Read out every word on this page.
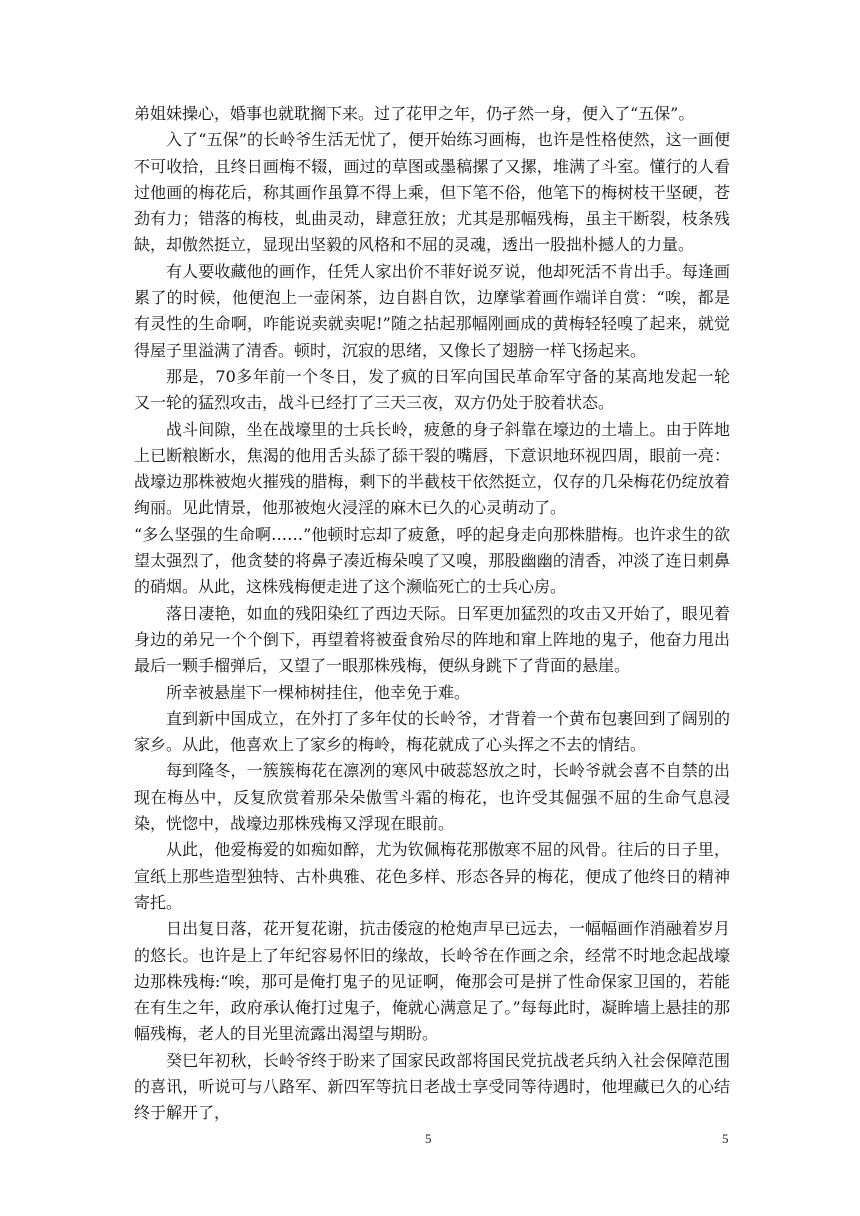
弟姐妹操心，婚事也就耽搁下来。过了花甲之年，仍孑然一身，便入了“五保”。

入了“五保”的长岭爷生活无忧了，便开始练习画梅，也许是性格使然，这一画便不可收拾，且终日画梅不辍，画过的草图或墨稿摞了又摞，堆满了斗室。懂行的人看过他画的梅花后，称其画作虽算不得上乘，但下笔不俗，他笔下的梅树枝干坚硬，苍劲有力；错落的梅枝，虬曲灵动，肆意狂放；尤其是那幅残梅，虽主干断裂，枝条残缺，却傲然挺立，显现出坚毅的风格和不屈的灵魂，透出一股拙朴撼人的力量。

有人要收藏他的画作，任凭人家出价不菲好说歹说，他却死活不肯出手。每逢画累了的时候，他便泡上一壶闲茶，边自斟自饮，边摩挲着画作端详自赏：“唉，都是有灵性的生命啊，咋能说卖就卖呢!”随之拈起那幅刚画成的黄梅轻轻嗅了起来，就觉得屋子里溢满了清香。顿时，沉寂的思绪，又像长了翅膀一样飞扬起来。

那是，70多年前一个冬日，发了疯的日军向国民革命军守备的某高地发起一轮又一轮的猛烈攻击，战斗已经打了三天三夜，双方仍处于胶着状态。

战斗间隙，坐在战壕里的士兵长岭，疲惫的身子斜靠在壕边的土墙上。由于阵地上已断粮断水，焦渴的他用舌头舔了舔干裂的嘴唇，下意识地环视四周，眼前一亮：战壕边那株被炮火摧残的腊梅，剩下的半截枝干依然挺立，仅存的几朵梅花仍绽放着绚丽。见此情景，他那被炮火浸淫的麻木已久的心灵萌动了。

“多么坚强的生命啊……”他顿时忘却了疲惫，呼的起身走向那株腊梅。也许求生的欲望太强烈了，他贪婪的将鼻子凑近梅朵嗅了又嗅，那股幽幽的清香，冲淡了连日刺鼻的硝烟。从此，这株残梅便走进了这个濒临死亡的士兵心房。

落日凄艳，如血的残阳染红了西边天际。日军更加猛烈的攻击又开始了，眼见着身边的弟兄一个个倒下，再望着将被蚕食殆尽的阵地和窜上阵地的鬼子，他奋力甩出最后一颗手榴弹后，又望了一眼那株残梅，便纵身跳下了背面的悬崖。

所幸被悬崖下一棵柿树挂住，他幸免于难。

直到新中国成立，在外打了多年仗的长岭爷，才背着一个黄布包裹回到了阔别的家乡。从此，他喜欢上了家乡的梅岭，梅花就成了心头挥之不去的情结。

每到隆冬，一簇簇梅花在凛冽的寒风中破蕊怒放之时，长岭爷就会喜不自禁的出现在梅丛中，反复欣赏着那朵朵傲雪斗霜的梅花，也许受其倔强不屈的生命气息浸染，恍惚中，战壕边那株残梅又浮现在眼前。

从此，他爱梅爱的如痴如醉，尤为钦佩梅花那傲寒不屈的风骨。往后的日子里，宣纸上那些造型独特、古朴典雅、花色多样、形态各异的梅花，便成了他终日的精神寄托。

日出复日落，花开复花谢，抗击倭寇的枪炮声早已远去，一幅幅画作消融着岁月的悠长。也许是上了年纪容易怀旧的缘故，长岭爷在作画之余，经常不时地念起战壕边那株残梅:“唉，那可是俺打鬼子的见证啊，俺那会可是拼了性命保家卫国的，若能在有生之年，政府承认俺打过鬼子，俺就心满意足了。”每每此时，凝眸墙上悬挂的那幅残梅，老人的目光里流露出渴望与期盼。

癸巳年初秋，长岭爷终于盼来了国家民政部将国民党抗战老兵纳入社会保障范围的喜讯，听说可与八路军、新四军等抗日老战士享受同等待遇时，他埋藏已久的心结终于解开了，

5	5
